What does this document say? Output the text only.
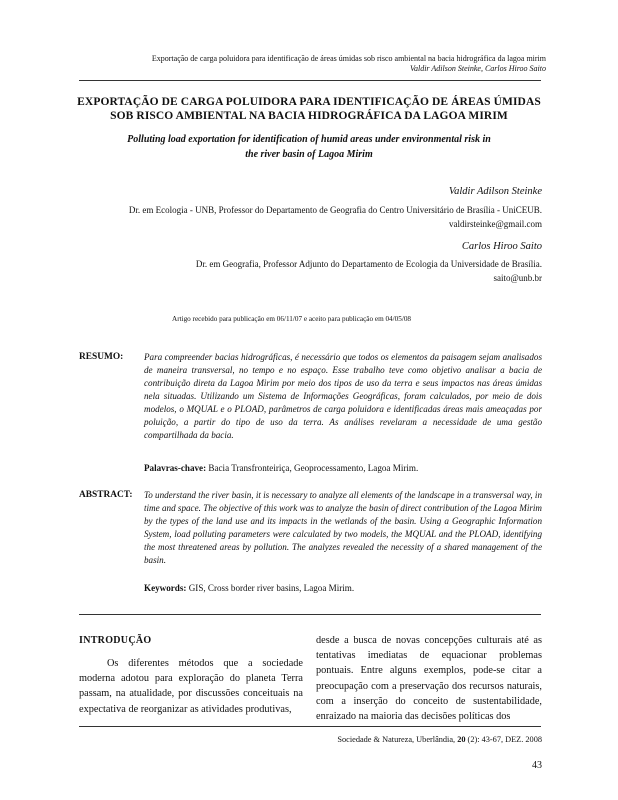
Exportação de carga poluidora para identificação de áreas úmidas sob risco ambiental na bacia hidrográfica da lagoa mirim
Valdir Adilson Steinke, Carlos Hiroo Saito
EXPORTAÇÃO DE CARGA POLUIDORA PARA IDENTIFICAÇÃO DE ÁREAS ÚMIDAS
SOB RISCO AMBIENTAL NA BACIA HIDROGRÁFICA DA LAGOA MIRIM
Polluting load exportation for identification of humid areas under environmental risk in
the river basin of Lagoa Mirim
Valdir Adilson Steinke
Dr. em Ecologia - UNB, Professor do Departamento de Geografia do Centro Universitário de Brasília - UniCEUB.
valdirsteinke@gmail.com
Carlos Hiroo Saito
Dr. em Geografia, Professor Adjunto do Departamento de Ecologia da Universidade de Brasília.
saito@unb.br
Artigo recebido para publicação em 06/11/07 e aceito para publicação em 04/05/08
RESUMO: Para compreender bacias hidrográficas, é necessário que todos os elementos da paisagem sejam analisados de maneira transversal, no tempo e no espaço. Esse trabalho teve como objetivo analisar a bacia de contribuição direta da Lagoa Mirim por meio dos tipos de uso da terra e seus impactos nas áreas úmidas nela situadas. Utilizando um Sistema de Informações Geográficas, foram calculados, por meio de dois modelos, o MQUAL e o PLOAD, parâmetros de carga poluidora e identificadas áreas mais ameaçadas por poluição, a partir do tipo de uso da terra. As análises revelaram a necessidade de uma gestão compartilhada da bacia.
Palavras-chave: Bacia Transfronteiriça, Geoprocessamento, Lagoa Mirim.
ABSTRACT: To understand the river basin, it is necessary to analyze all elements of the landscape in a transversal way, in time and space. The objective of this work was to analyze the basin of direct contribution of the Lagoa Mirim by the types of the land use and its impacts in the wetlands of the basin. Using a Geographic Information System, load polluting parameters were calculated by two models, the MQUAL and the PLOAD, identifying the most threatened areas by pollution. The analyzes revealed the necessity of a shared management of the basin.
Keywords: GIS, Cross border river basins, Lagoa Mirim.
INTRODUÇÃO
Os diferentes métodos que a sociedade moderna adotou para exploração do planeta Terra passam, na atualidade, por discussões conceituais na expectativa de reorganizar as atividades produtivas,
desde a busca de novas concepções culturais até as tentativas imediatas de equacionar problemas pontuais. Entre alguns exemplos, pode-se citar a preocupação com a preservação dos recursos naturais, com a inserção do conceito de sustentabilidade, enraizado na maioria das decisões políticas dos
Sociedade & Natureza, Uberlândia, 20 (2): 43-67, DEZ. 2008
43
